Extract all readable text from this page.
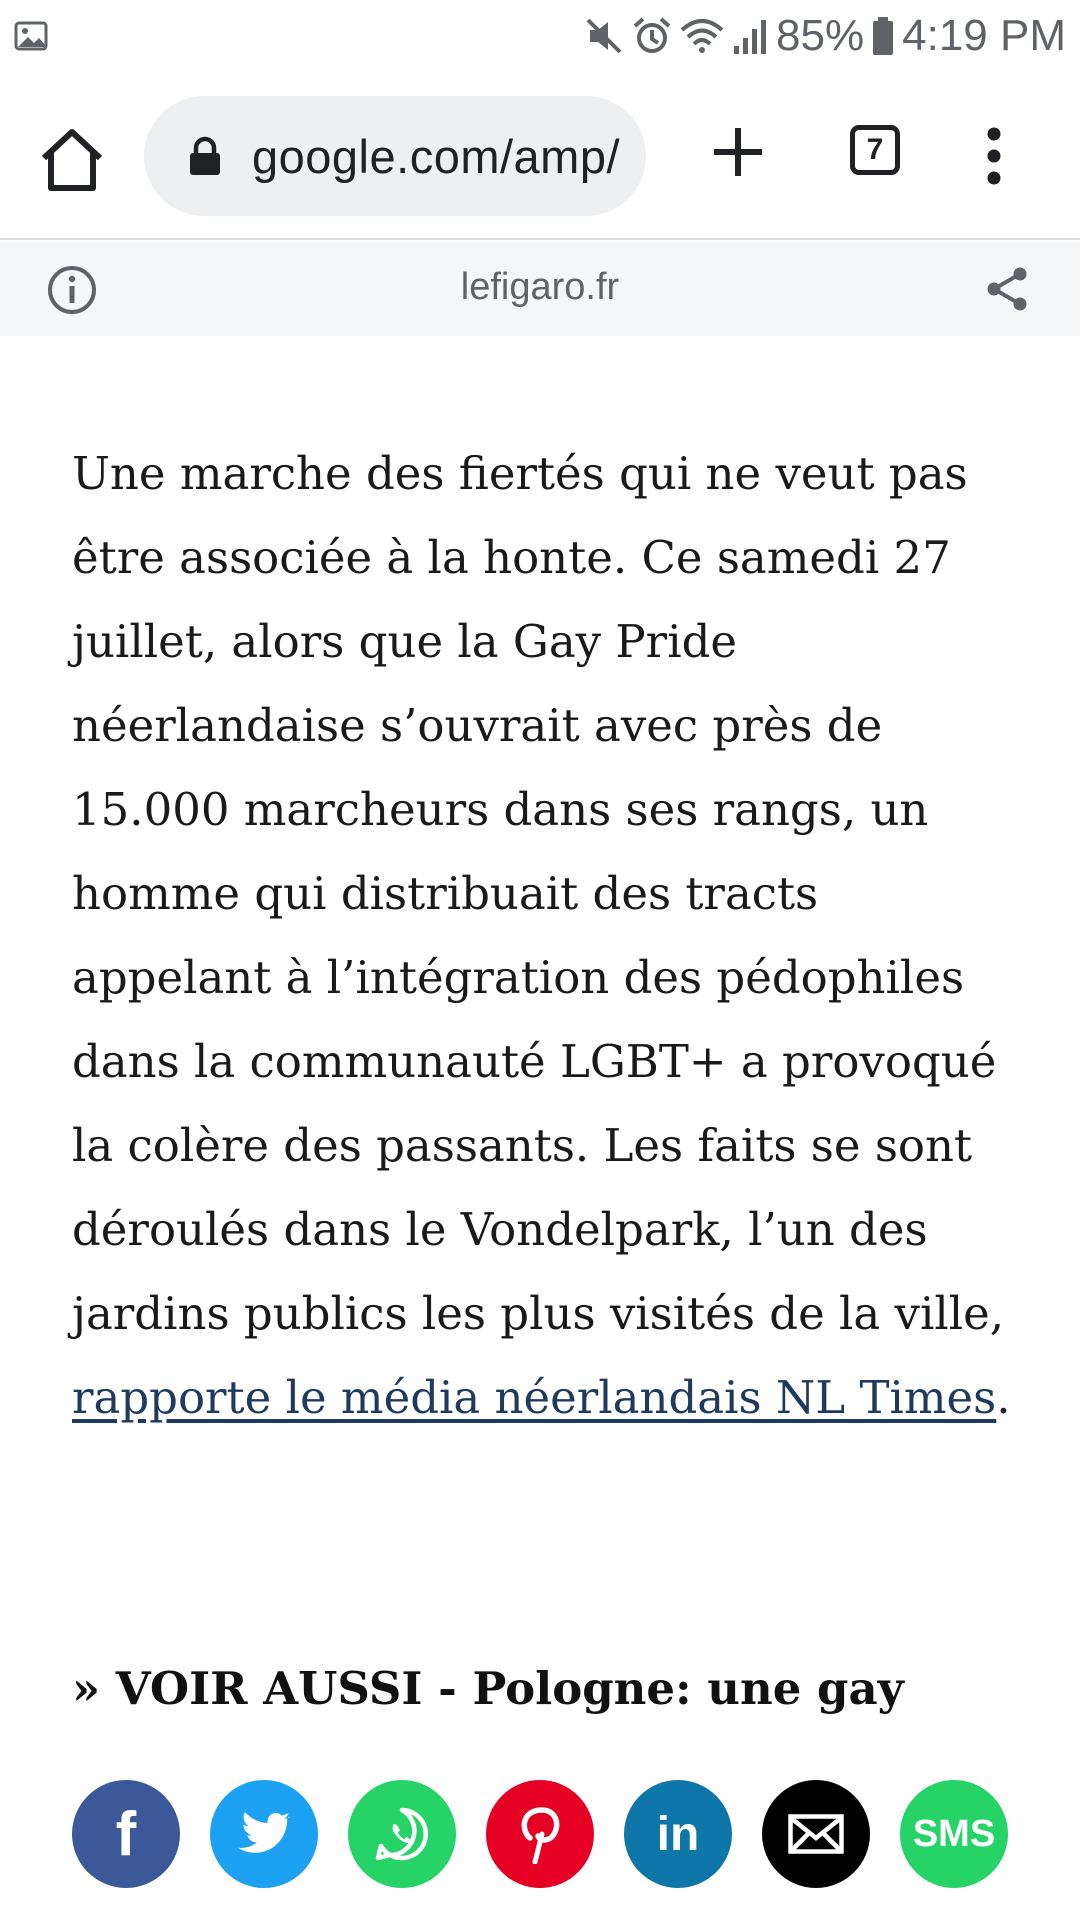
85% 4:19 PM
google.com/amp/	7
lefigaro.fr

Une marche des fiertés qui ne veut pas être associée à la honte. Ce samedi 27 juillet, alors que la Gay Pride néerlandaise s’ouvrait avec près de 15.000 marcheurs dans ses rangs, un homme qui distribuait des tracts appelant à l’intégration des pédophiles dans la communauté LGBT+ a provoqué la colère des passants. Les faits se sont déroulés dans le Vondelpark, l’un des jardins publics les plus visités de la ville, rapporte le média néerlandais NL Times.

» VOIR AUSSI - Pologne: une gay
f	in	SMS
